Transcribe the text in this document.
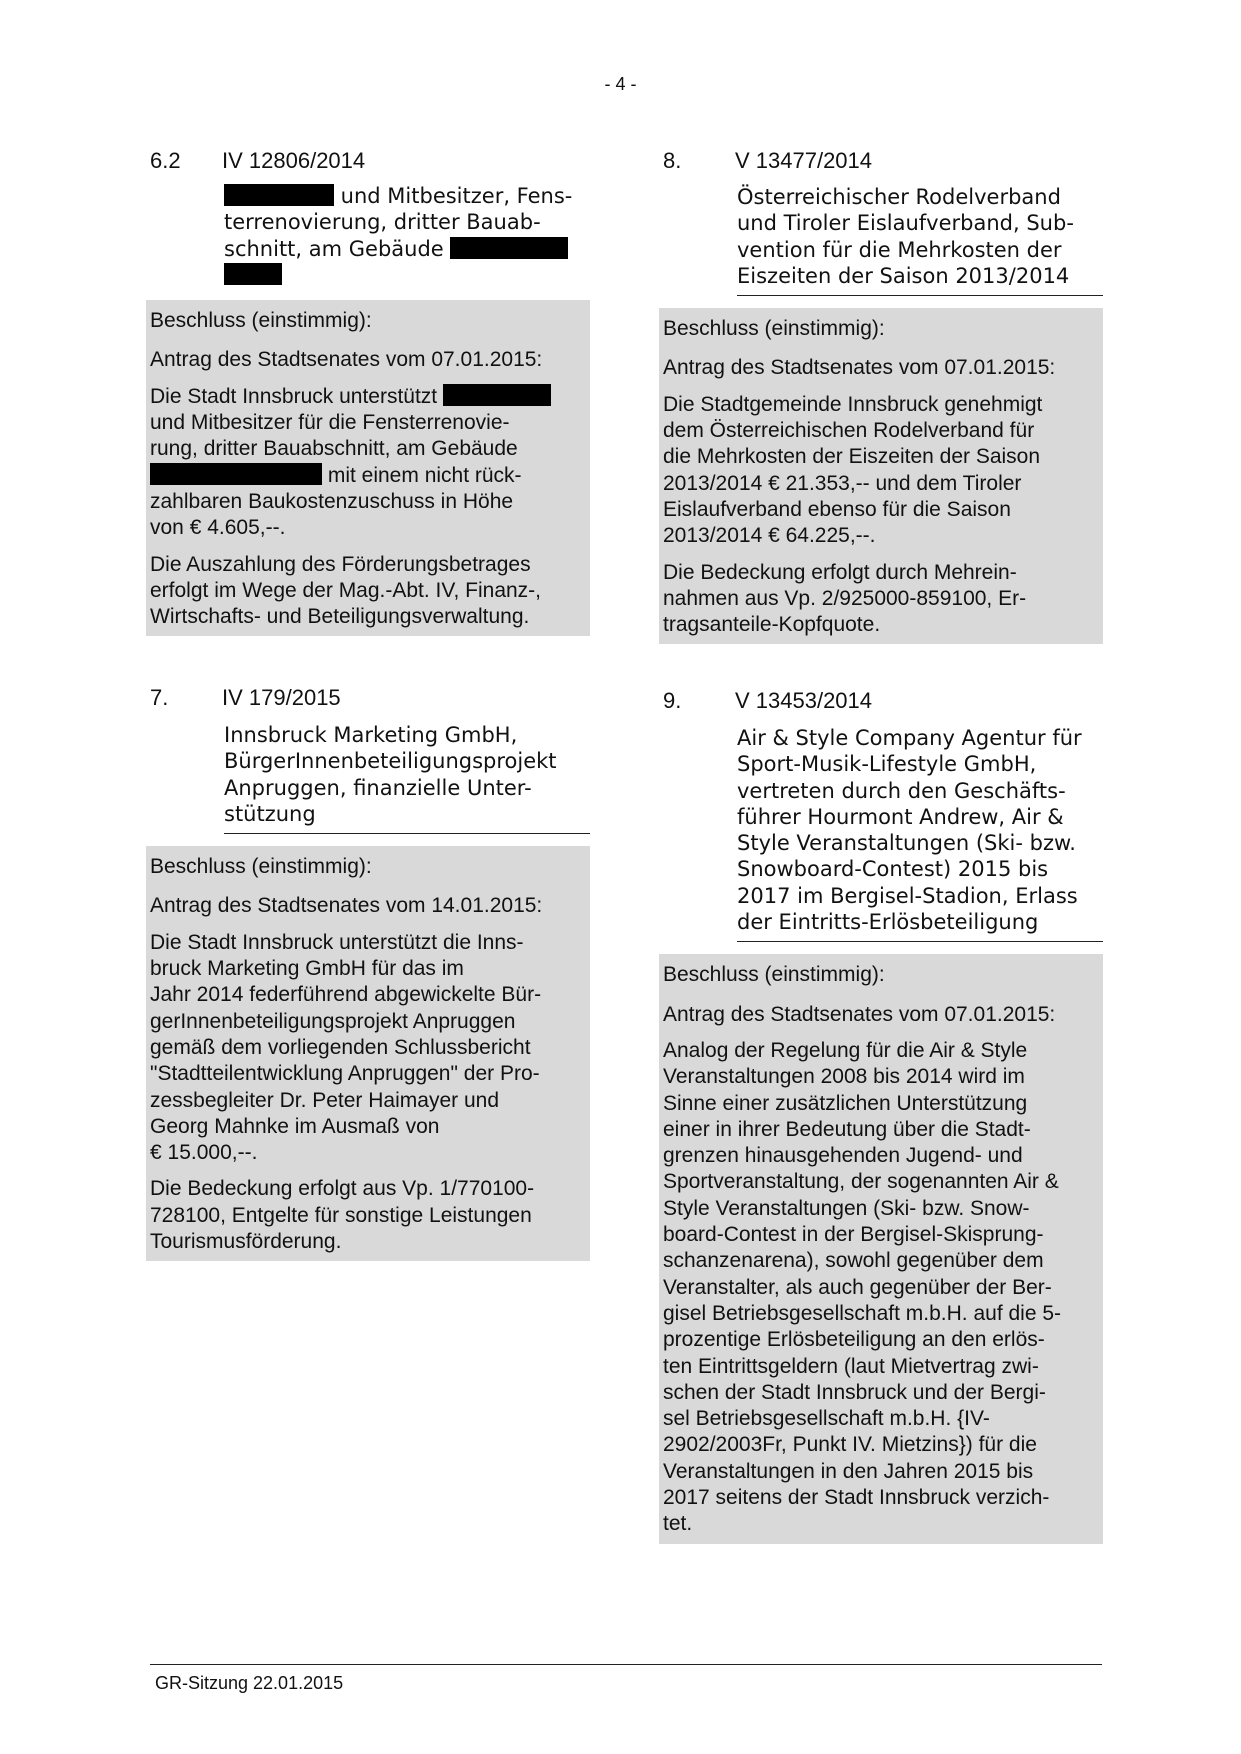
- 4 -
6.2 IV 12806/2014
und Mitbesitzer, Fens-
terrenovierung, dritter Bauab-
schnitt, am Gebäude

Beschluss (einstimmig):

Antrag des Stadtsenates vom 07.01.2015:

Die Stadt Innsbruck unterstützt
und Mitbesitzer für die Fensterrenovie-
rung, dritter Bauabschnitt, am Gebäude
mit einem nicht rück-
zahlbaren Baukostenzuschuss in Höhe
von € 4.605,--.
Die Auszahlung des Förderungsbetrages
erfolgt im Wege der Mag.-Abt. IV, Finanz-,
Wirtschafts- und Beteiligungsverwaltung.
7. IV 179/2015
Innsbruck Marketing GmbH,
BürgerInnenbeteiligungsprojekt
Anpruggen, finanzielle Unter-
stützung

Beschluss (einstimmig):

Antrag des Stadtsenates vom 14.01.2015:

Die Stadt Innsbruck unterstützt die Inns-
bruck Marketing GmbH für das im
Jahr 2014 federführend abgewickelte Bür-
gerInnenbeteiligungsprojekt Anpruggen
gemäß dem vorliegenden Schlussbericht
"Stadtteilentwicklung Anpruggen" der Pro-
zessbegleiter Dr. Peter Haimayer und
Georg Mahnke im Ausmaß von
€ 15.000,--.
Die Bedeckung erfolgt aus Vp. 1/770100-
728100, Entgelte für sonstige Leistungen
Tourismusförderung.
8. V 13477/2014
Österreichischer Rodelverband
und Tiroler Eislaufverband, Sub-
vention für die Mehrkosten der
Eiszeiten der Saison 2013/2014

Beschluss (einstimmig):

Antrag des Stadtsenates vom 07.01.2015:

Die Stadtgemeinde Innsbruck genehmigt
dem Österreichischen Rodelverband für
die Mehrkosten der Eiszeiten der Saison
2013/2014 € 21.353,-- und dem Tiroler
Eislaufverband ebenso für die Saison
2013/2014 € 64.225,--.
Die Bedeckung erfolgt durch Mehrein-
nahmen aus Vp. 2/925000-859100, Er-
tragsanteile-Kopfquote.
9. V 13453/2014
Air & Style Company Agentur für
Sport-Musik-Lifestyle GmbH,
vertreten durch den Geschäfts-
führer Hourmont Andrew, Air &
Style Veranstaltungen (Ski- bzw.
Snowboard-Contest) 2015 bis
2017 im Bergisel-Stadion, Erlass
der Eintritts-Erlösbeteiligung

Beschluss (einstimmig):

Antrag des Stadtsenates vom 07.01.2015:

Analog der Regelung für die Air & Style
Veranstaltungen 2008 bis 2014 wird im
Sinne einer zusätzlichen Unterstützung
einer in ihrer Bedeutung über die Stadt-
grenzen hinausgehenden Jugend- und
Sportveranstaltung, der sogenannten Air &
Style Veranstaltungen (Ski- bzw. Snow-
board-Contest in der Bergisel-Skisprung-
schanzenarena), sowohl gegenüber dem
Veranstalter, als auch gegenüber der Ber-
gisel Betriebsgesellschaft m.b.H. auf die 5-
prozentige Erlösbeteiligung an den erlös-
ten Eintrittsgeldern (laut Mietvertrag zwi-
schen der Stadt Innsbruck und der Bergi-
sel Betriebsgesellschaft m.b.H. {IV-
2902/2003Fr, Punkt IV. Mietzins}) für die
Veranstaltungen in den Jahren 2015 bis
2017 seitens der Stadt Innsbruck verzich-
tet.
GR-Sitzung 22.01.2015
